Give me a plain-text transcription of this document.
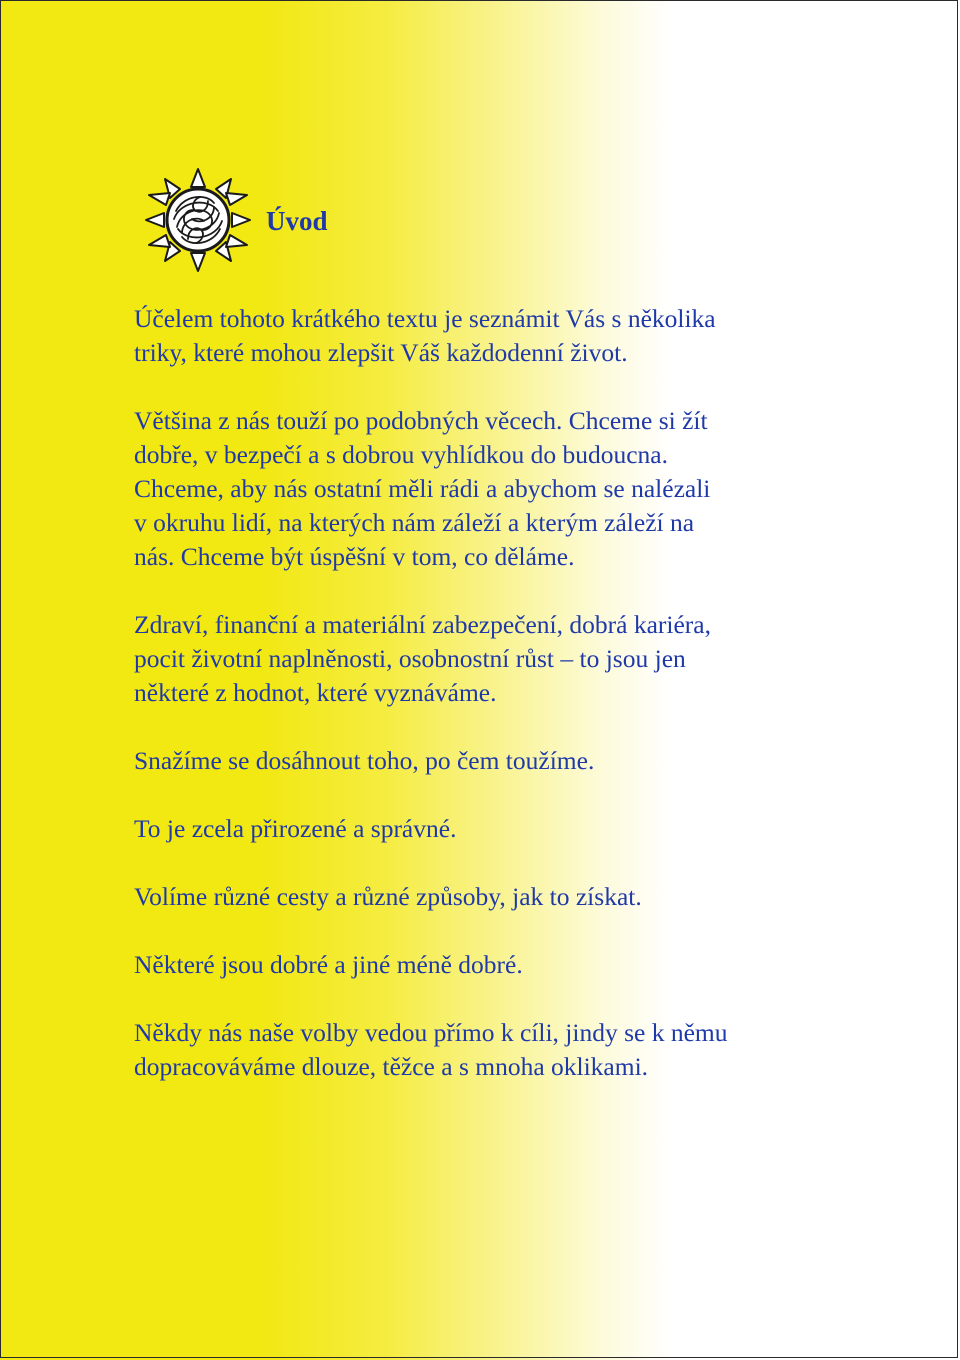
Úvod

Účelem tohoto krátkého textu je seznámit Vás s několika
triky, které mohou zlepšit Váš každodenní život.

Většina z nás touží po podobných věcech. Chceme si žít
dobře, v bezpečí a s dobrou vyhlídkou do budoucna.
Chceme, aby nás ostatní měli rádi a abychom se nalézali
v okruhu lidí, na kterých nám záleží a kterým záleží na
nás. Chceme být úspěšní v tom, co děláme.

Zdraví, finanční a materiální zabezpečení, dobrá kariéra,
pocit životní naplněnosti, osobnostní růst – to jsou jen
některé z hodnot, které vyznáváme.

Snažíme se dosáhnout toho, po čem toužíme.

To je zcela přirozené a správné.

Volíme různé cesty a různé způsoby, jak to získat.

Některé jsou dobré a jiné méně dobré.

Někdy nás naše volby vedou přímo k cíli, jindy se k němu
dopracováváme dlouze, těžce a s mnoha oklikami.
